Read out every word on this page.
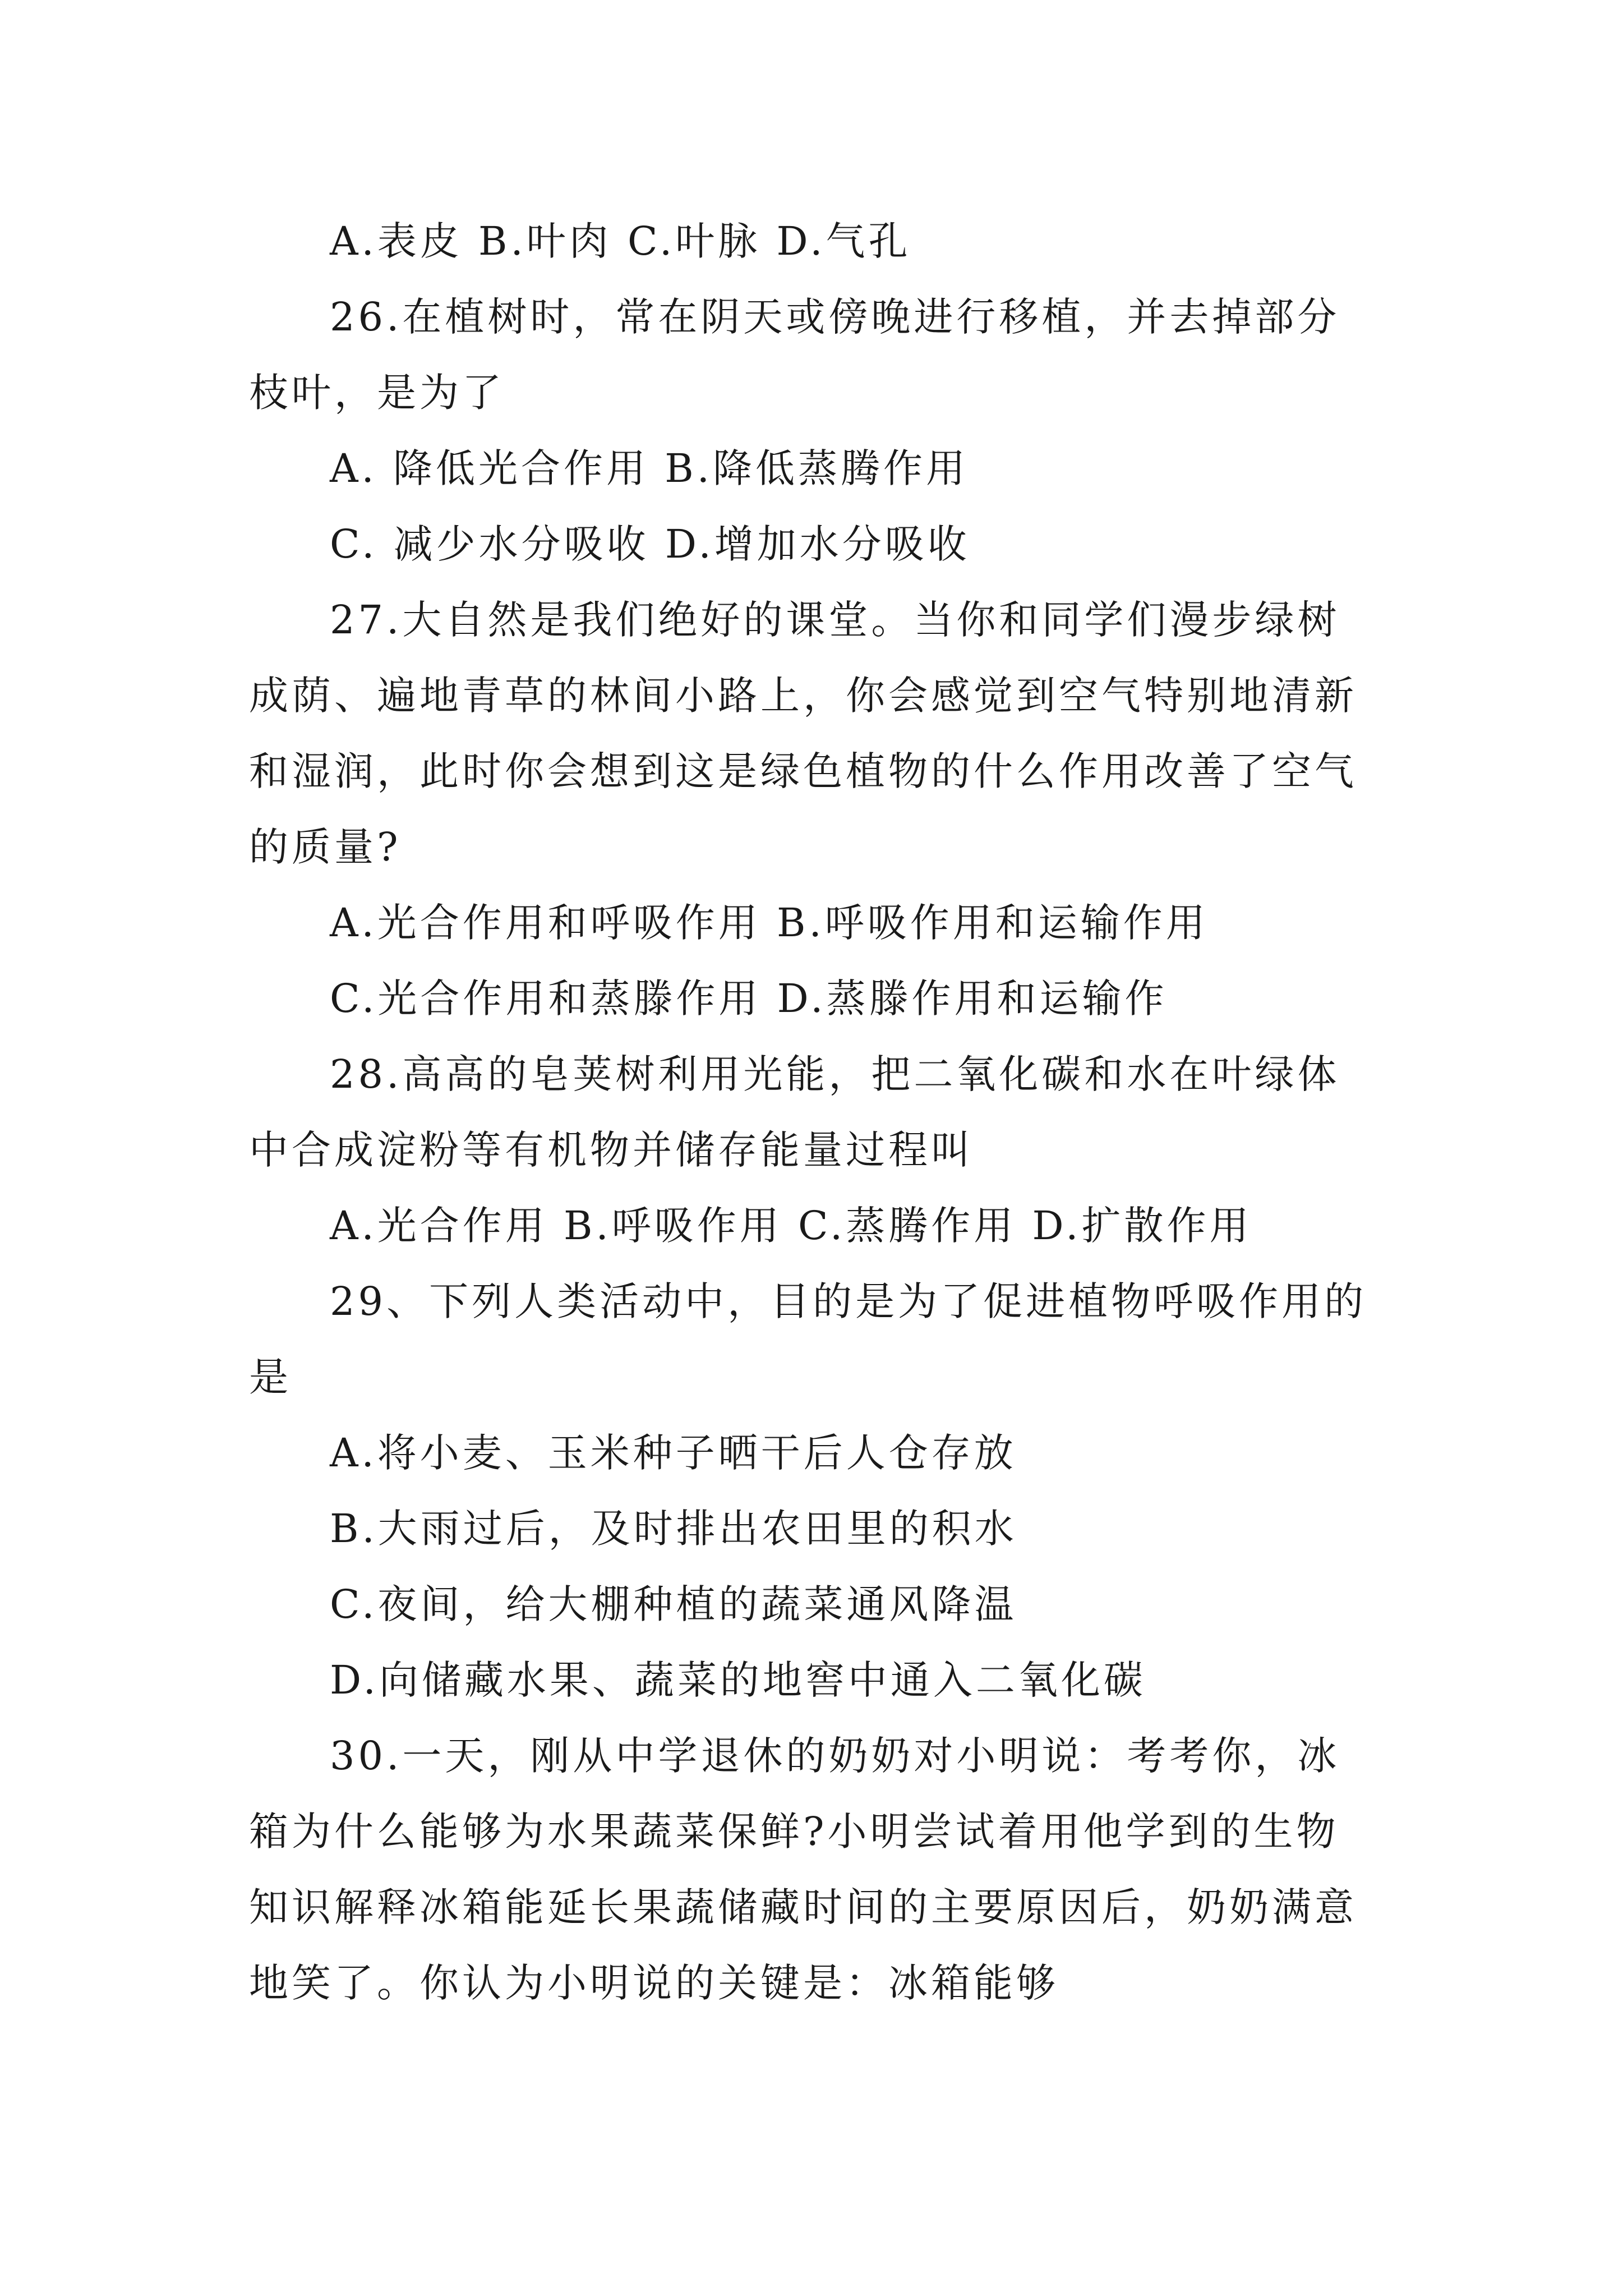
A.表皮 B.叶肉 C.叶脉 D.气孔
26.在植树时，常在阴天或傍晚进行移植，并去掉部分
枝叶，是为了
A. 降低光合作用 B.降低蒸腾作用
C. 减少水分吸收 D.增加水分吸收
27.大自然是我们绝好的课堂。当你和同学们漫步绿树
成荫、遍地青草的林间小路上，你会感觉到空气特别地清新
和湿润，此时你会想到这是绿色植物的什么作用改善了空气
的质量?
A.光合作用和呼吸作用 B.呼吸作用和运输作用
C.光合作用和蒸滕作用 D.蒸滕作用和运输作
28.高高的皂荚树利用光能，把二氧化碳和水在叶绿体
中合成淀粉等有机物并储存能量过程叫
A.光合作用 B.呼吸作用 C.蒸腾作用 D.扩散作用
29、下列人类活动中，目的是为了促进植物呼吸作用的
是
A.将小麦、玉米种子晒干后人仓存放
B.大雨过后，及时排出农田里的积水
C.夜间，给大棚种植的蔬菜通风降温
D.向储藏水果、蔬菜的地窖中通入二氧化碳
30.一天，刚从中学退休的奶奶对小明说：考考你，冰
箱为什么能够为水果蔬菜保鲜?小明尝试着用他学到的生物
知识解释冰箱能延长果蔬储藏时间的主要原因后，奶奶满意
地笑了。你认为小明说的关键是：冰箱能够
